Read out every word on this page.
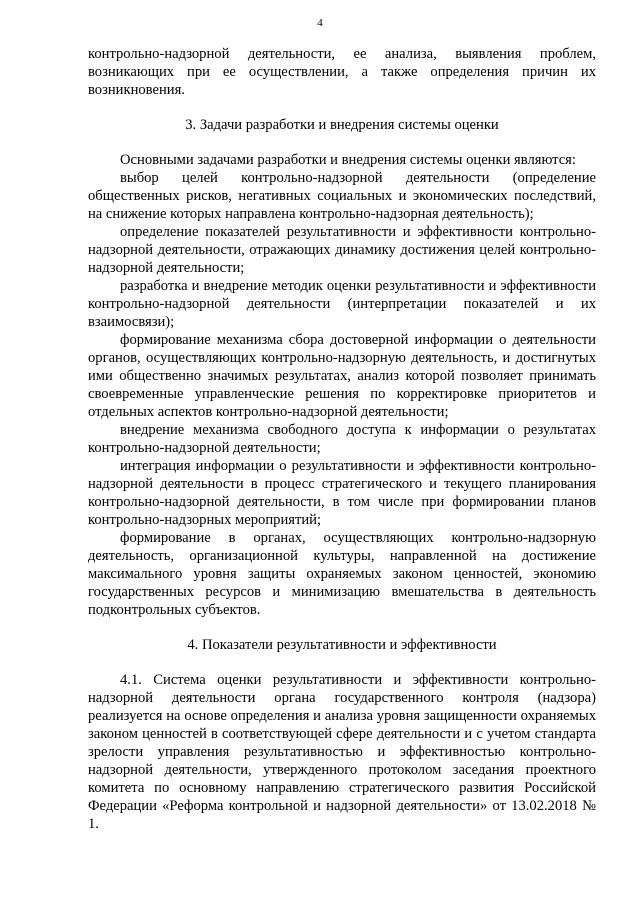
4

контрольно-надзорной деятельности, ее анализа, выявления проблем, возникающих при ее осуществлении, а также определения причин их возникновения.

3. Задачи разработки и внедрения системы оценки

Основными задачами разработки и внедрения системы оценки являются:

выбор целей контрольно-надзорной деятельности (определение общественных рисков, негативных социальных и экономических последствий, на снижение которых направлена контрольно-надзорная деятельность);

определение показателей результативности и эффективности контрольно-надзорной деятельности, отражающих динамику достижения целей контрольно-надзорной деятельности;

разработка и внедрение методик оценки результативности и эффективности контрольно-надзорной деятельности (интерпретации показателей и их взаимосвязи);

формирование механизма сбора достоверной информации о деятельности органов, осуществляющих контрольно-надзорную деятельность, и достигнутых ими общественно значимых результатах, анализ которой позволяет принимать своевременные управленческие решения по корректировке приоритетов и отдельных аспектов контрольно-надзорной деятельности;

внедрение механизма свободного доступа к информации о результатах контрольно-надзорной деятельности;

интеграция информации о результативности и эффективности контрольно-надзорной деятельности в процесс стратегического и текущего планирования контрольно-надзорной деятельности, в том числе при формировании планов контрольно-надзорных мероприятий;

формирование в органах, осуществляющих контрольно-надзорную деятельность, организационной культуры, направленной на достижение максимального уровня защиты охраняемых законом ценностей, экономию государственных ресурсов и минимизацию вмешательства в деятельность подконтрольных субъектов.

4. Показатели результативности и эффективности

4.1. Система оценки результативности и эффективности контрольно-надзорной деятельности органа государственного контроля (надзора) реализуется на основе определения и анализа уровня защищенности охраняемых законом ценностей в соответствующей сфере деятельности и с учетом стандарта зрелости управления результативностью и эффективностью контрольно-надзорной деятельности, утвержденного протоколом заседания проектного комитета по основному направлению стратегического развития Российской Федерации «Реформа контрольной и надзорной деятельности» от 13.02.2018 № 1.
